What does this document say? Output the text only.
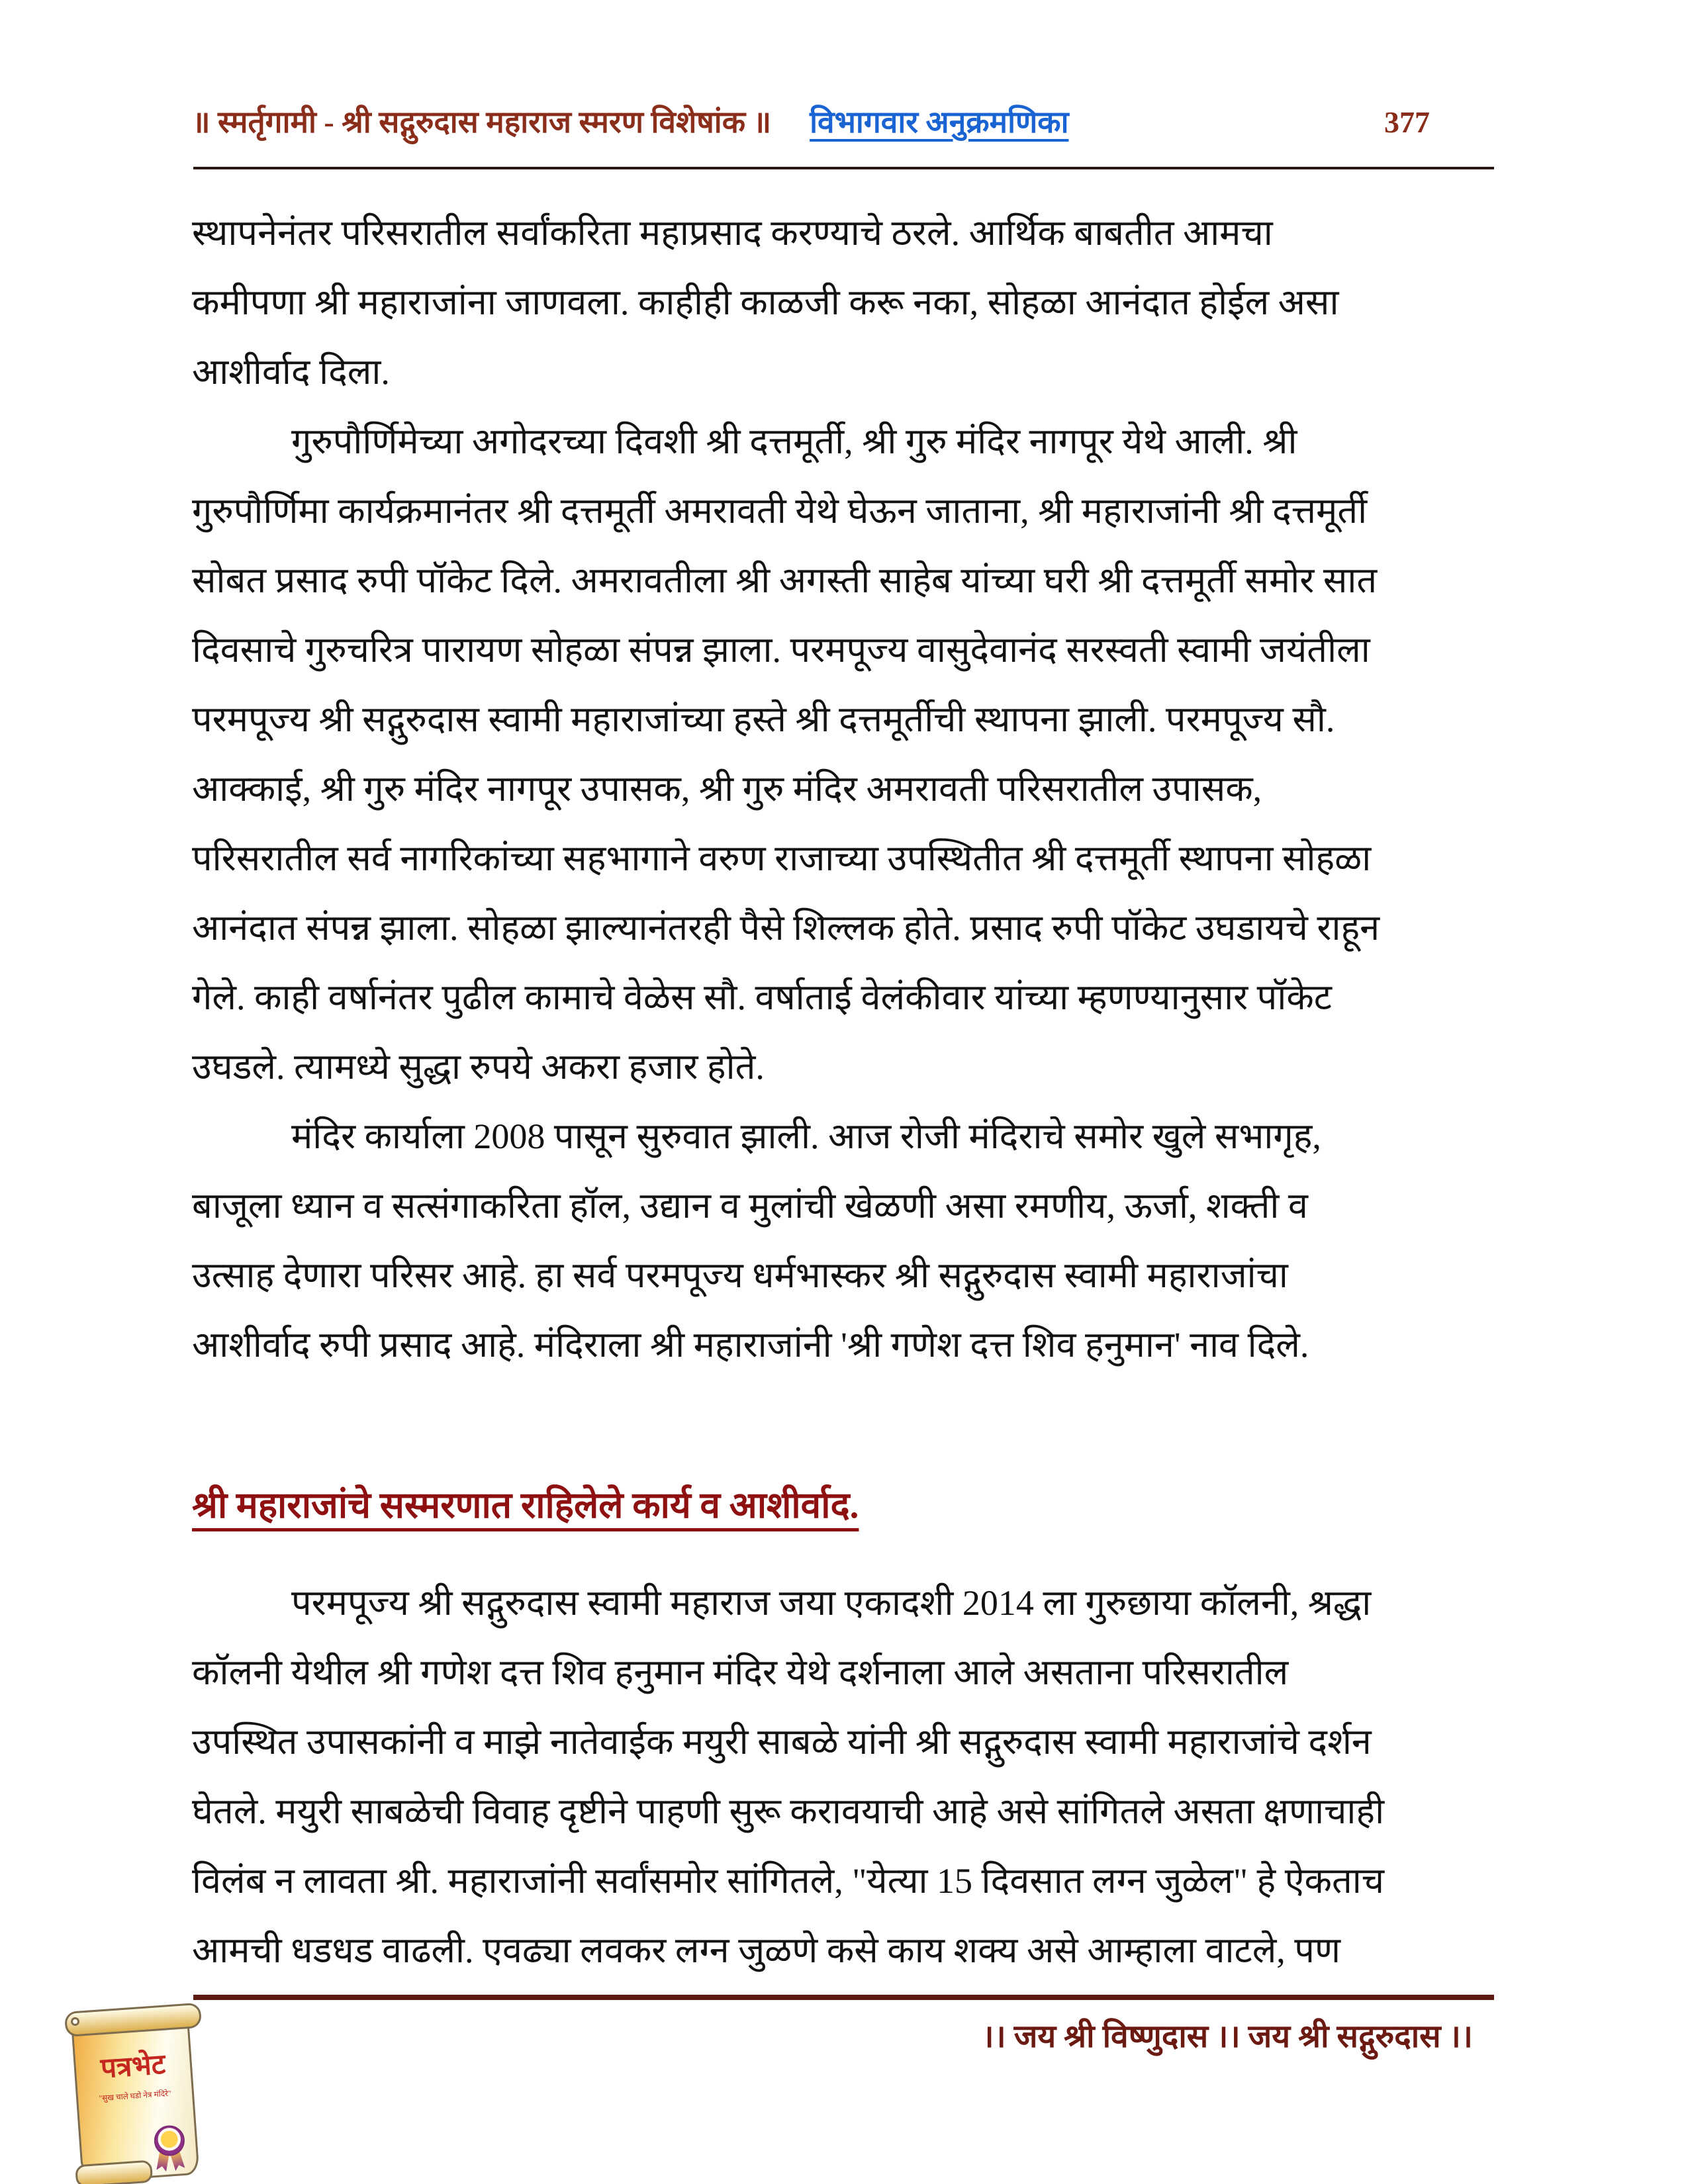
॥ स्मर्तृगामी - श्री सद्गुरुदास महाराज स्मरण विशेषांक ॥ विभागवार अनुक्रमणिका	377
स्थापनेनंतर परिसरातील सर्वांकरिता महाप्रसाद करण्याचे ठरले. आर्थिक बाबतीत आमचा
कमीपणा श्री महाराजांना जाणवला. काहीही काळजी करू नका, सोहळा आनंदात होईल असा
आशीर्वाद दिला.
गुरुपौर्णिमेच्या अगोदरच्या दिवशी श्री दत्तमूर्ती, श्री गुरु मंदिर नागपूर येथे आली. श्री
गुरुपौर्णिमा कार्यक्रमानंतर श्री दत्तमूर्ती अमरावती येथे घेऊन जाताना, श्री महाराजांनी श्री दत्तमूर्ती
सोबत प्रसाद रुपी पॉकेट दिले. अमरावतीला श्री अगस्ती साहेब यांच्या घरी श्री दत्तमूर्ती समोर सात
दिवसाचे गुरुचरित्र पारायण सोहळा संपन्न झाला. परमपूज्य वासुदेवानंद सरस्वती स्वामी जयंतीला
परमपूज्य श्री सद्गुरुदास स्वामी महाराजांच्या हस्ते श्री दत्तमूर्तीची स्थापना झाली. परमपूज्य सौ.
आक्काई, श्री गुरु मंदिर नागपूर उपासक, श्री गुरु मंदिर अमरावती परिसरातील उपासक,
परिसरातील सर्व नागरिकांच्या सहभागाने वरुण राजाच्या उपस्थितीत श्री दत्तमूर्ती स्थापना सोहळा
आनंदात संपन्न झाला. सोहळा झाल्यानंतरही पैसे शिल्लक होते. प्रसाद रुपी पॉकेट उघडायचे राहून
गेले. काही वर्षानंतर पुढील कामाचे वेळेस सौ. वर्षाताई वेलंकीवार यांच्या म्हणण्यानुसार पॉकेट
उघडले. त्यामध्ये सुद्धा रुपये अकरा हजार होते.
मंदिर कार्याला 2008 पासून सुरुवात झाली. आज रोजी मंदिराचे समोर खुले सभागृह,
बाजूला ध्यान व सत्संगाकरिता हॉल, उद्यान व मुलांची खेळणी असा रमणीय, ऊर्जा, शक्ती व
उत्साह देणारा परिसर आहे. हा सर्व परमपूज्य धर्मभास्कर श्री सद्गुरुदास स्वामी महाराजांचा
आशीर्वाद रुपी प्रसाद आहे. मंदिराला श्री महाराजांनी 'श्री गणेश दत्त शिव हनुमान' नाव दिले.
श्री महाराजांचे सस्मरणात राहिलेले कार्य व आशीर्वाद.
परमपूज्य श्री सद्गुरुदास स्वामी महाराज जया एकादशी 2014 ला गुरुछाया कॉलनी, श्रद्धा
कॉलनी येथील श्री गणेश दत्त शिव हनुमान मंदिर येथे दर्शनाला आले असताना परिसरातील
उपस्थित उपासकांनी व माझे नातेवाईक मयुरी साबळे यांनी श्री सद्गुरुदास स्वामी महाराजांचे दर्शन
घेतले. मयुरी साबळेची विवाह दृष्टीने पाहणी सुरू करावयाची आहे असे सांगितले असता क्षणाचाही
विलंब न लावता श्री. महाराजांनी सर्वांसमोर सांगितले, "येत्या 15 दिवसात लग्न जुळेल" हे ऐकताच
आमची धडधड वाढली. एवढ्या लवकर लग्न जुळणे कसे काय शक्य असे आम्हाला वाटले, पण
।। जय श्री विष्णुदास ।। जय श्री सद्गुरुदास ।।
पत्रभेट
"सुख चाले घडो नेत्र मंदिरे"
